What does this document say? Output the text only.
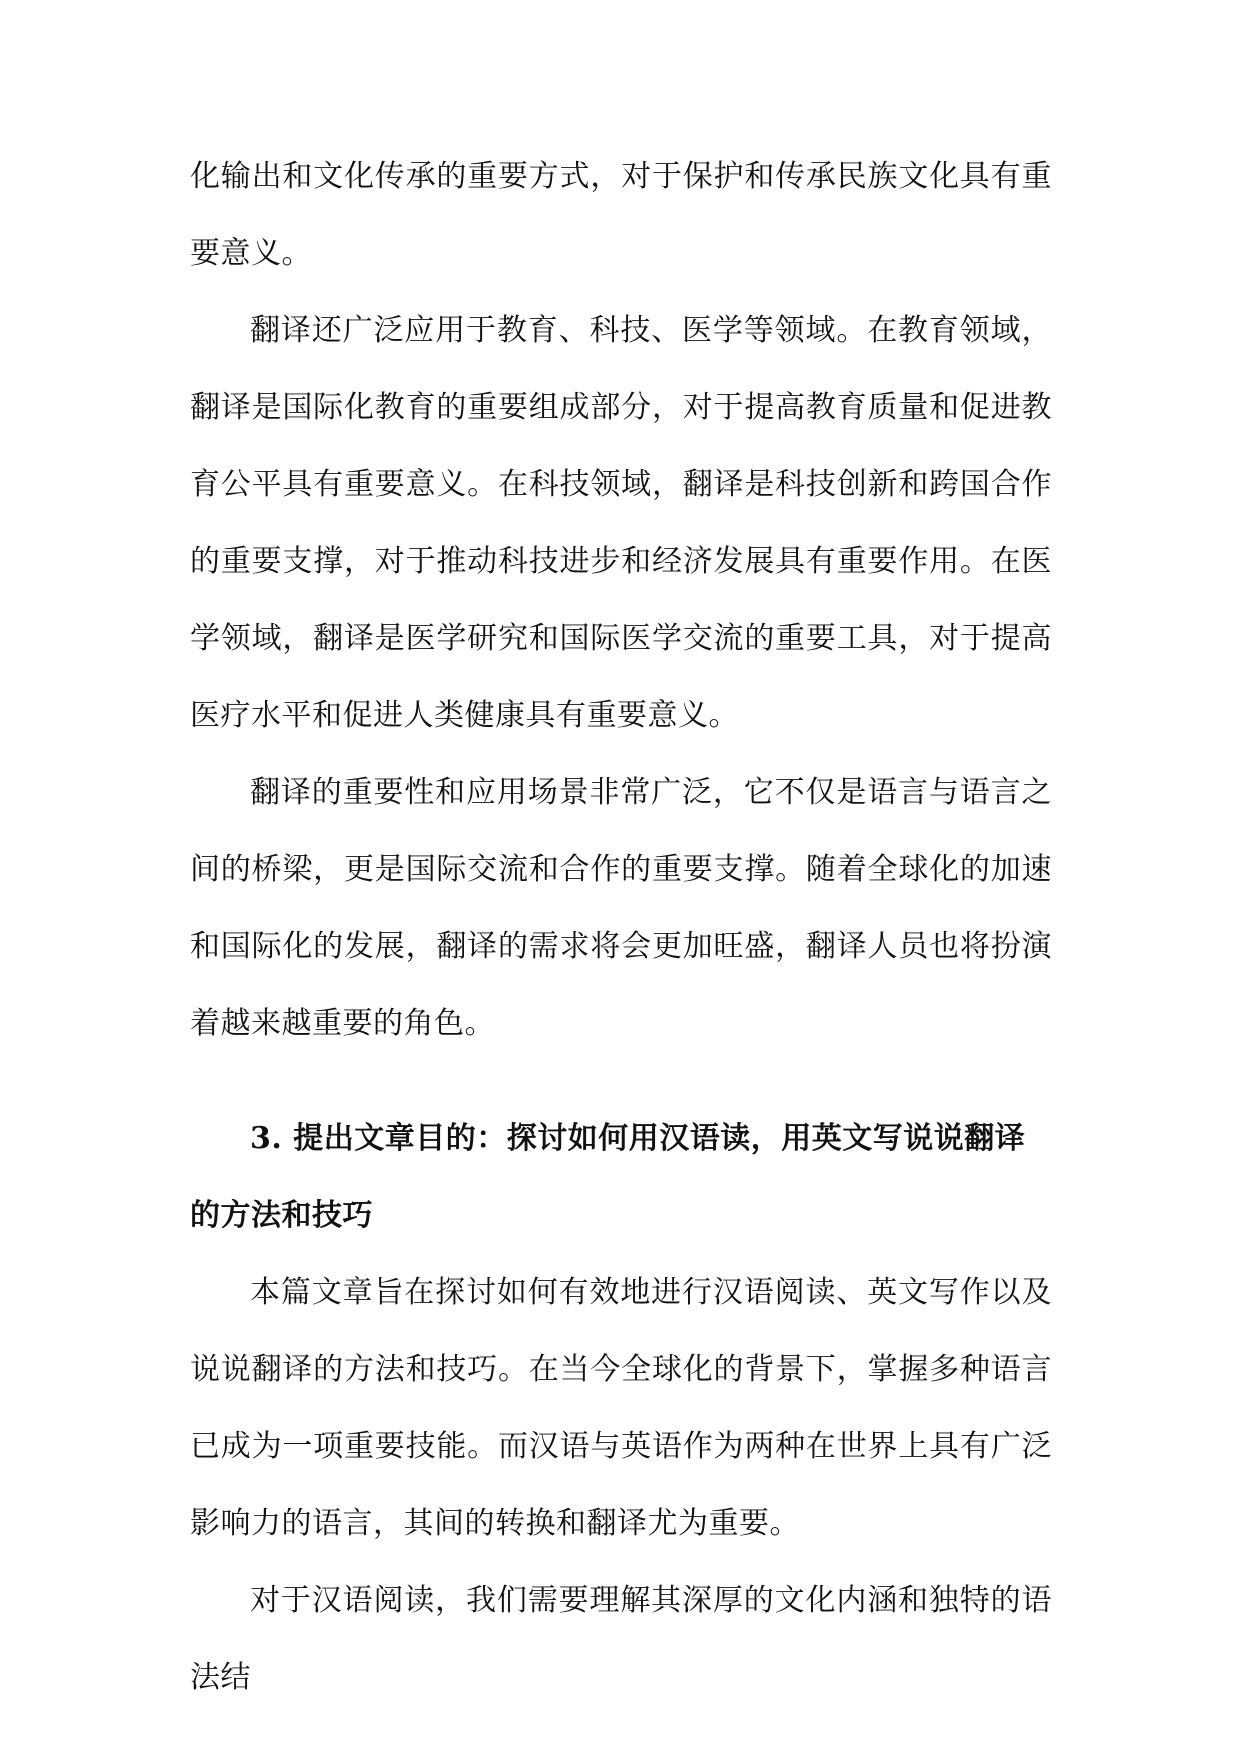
化输出和文化传承的重要方式，对于保护和传承民族文化具有重要意义。

翻译还广泛应用于教育、科技、医学等领域。在教育领域，翻译是国际化教育的重要组成部分，对于提高教育质量和促进教育公平具有重要意义。在科技领域，翻译是科技创新和跨国合作的重要支撑，对于推动科技进步和经济发展具有重要作用。在医学领域，翻译是医学研究和国际医学交流的重要工具，对于提高医疗水平和促进人类健康具有重要意义。

翻译的重要性和应用场景非常广泛，它不仅是语言与语言之间的桥梁，更是国际交流和合作的重要支撑。随着全球化的加速和国际化的发展，翻译的需求将会更加旺盛，翻译人员也将扮演着越来越重要的角色。

3. 提出文章目的：探讨如何用汉语读，用英文写说说翻译的方法和技巧

本篇文章旨在探讨如何有效地进行汉语阅读、英文写作以及说说翻译的方法和技巧。在当今全球化的背景下，掌握多种语言已成为一项重要技能。而汉语与英语作为两种在世界上具有广泛影响力的语言，其间的转换和翻译尤为重要。

对于汉语阅读，我们需要理解其深厚的文化内涵和独特的语法结
